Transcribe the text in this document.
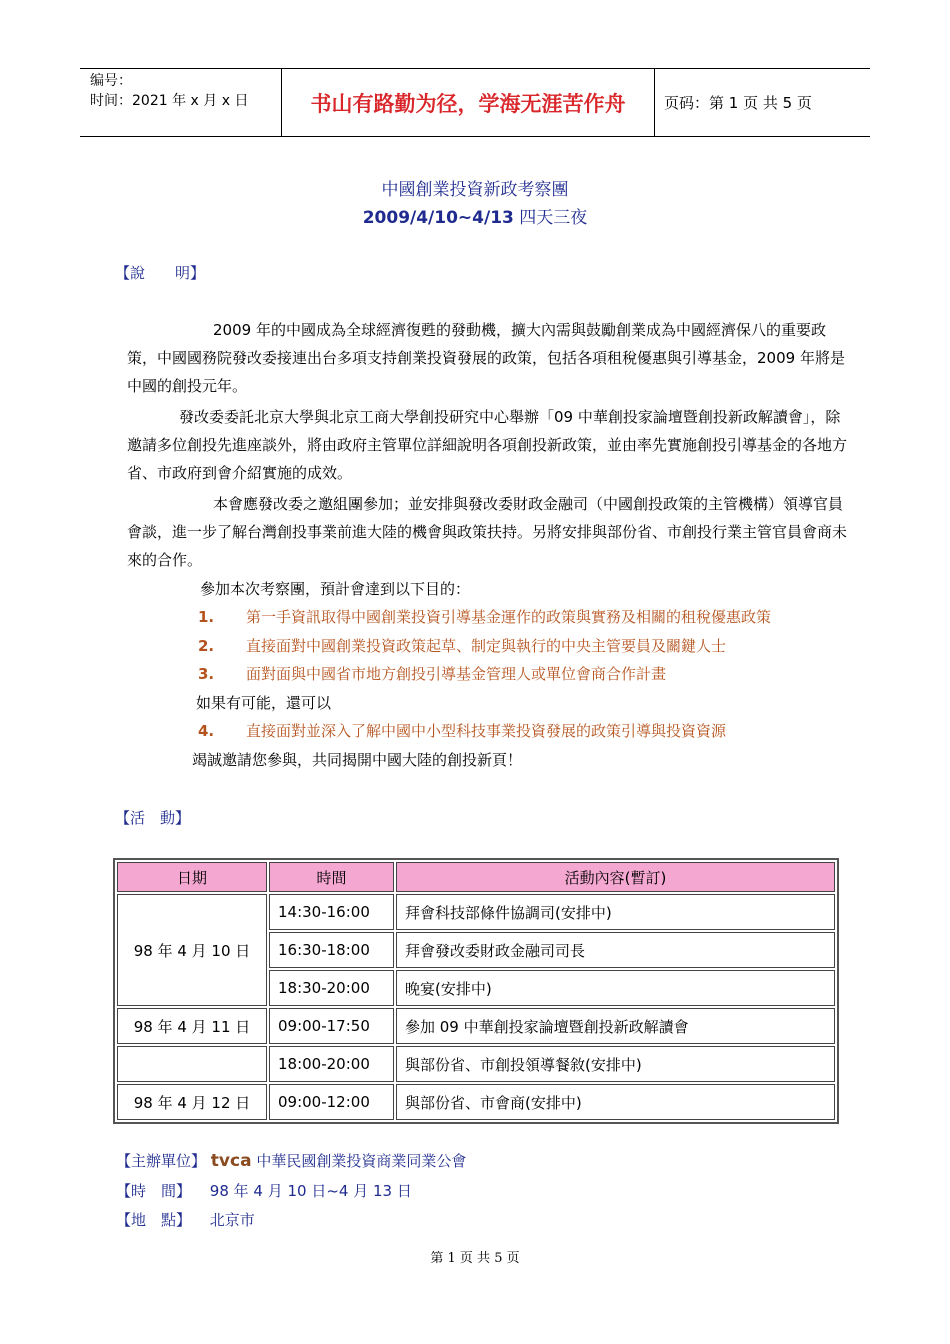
编号：
时间：2021 年 x 月 x 日	书山有路勤为径，学海无涯苦作舟	页码：第 1 页 共 5 页
中國創業投資新政考察團
2009/4/10~4/13 四天三夜
【說　　明】

2009 年的中國成為全球經濟復甦的發動機，擴大內需與鼓勵創業成為中國經濟保八的重要政策，中國國務院發改委接連出台多項支持創業投資發展的政策，包括各項租稅優惠與引導基金，2009 年將是中國的創投元年。

發改委委託北京大學與北京工商大學創投研究中心舉辦「09 中華創投家論壇暨創投新政解讀會」，除邀請多位創投先進座談外，將由政府主管單位詳細說明各項創投新政策，並由率先實施創投引導基金的各地方省、市政府到會介紹實施的成效。

本會應發改委之邀組團參加；並安排與發改委財政金融司（中國創投政策的主管機構）領導官員會談，進一步了解台灣創投事業前進大陸的機會與政策扶持。另將安排與部份省、市創投行業主管官員會商未來的合作。

參加本次考察團，預計會達到以下目的：
1. 第一手資訊取得中國創業投資引導基金運作的政策與實務及相關的租稅優惠政策
2. 直接面對中國創業投資政策起草、制定與執行的中央主管要員及關鍵人士
3. 面對面與中國省市地方創投引導基金管理人或單位會商合作計畫
如果有可能，還可以
4. 直接面對並深入了解中國中小型科技事業投資發展的政策引導與投資資源
竭誠邀請您參與，共同揭開中國大陸的創投新頁！
【活　動】
日期	時間	活動內容(暫訂)
98 年 4 月 10 日	14:30-16:00	拜會科技部條件協調司(安排中)
	16:30-18:00	拜會發改委財政金融司司長
	18:30-20:00	晚宴(安排中)
98 年 4 月 11 日	09:00-17:50	參加 09 中華創投家論壇暨創投新政解讀會
	18:00-20:00	與部份省、市創投領導餐敘(安排中)
98 年 4 月 12 日	09:00-12:00	與部份省、市會商(安排中)
【主辦單位】 tvca 中華民國創業投資商業同業公會
【時　間】 98 年 4 月 10 日~4 月 13 日
【地　點】 北京市
第 1 页 共 5 页
